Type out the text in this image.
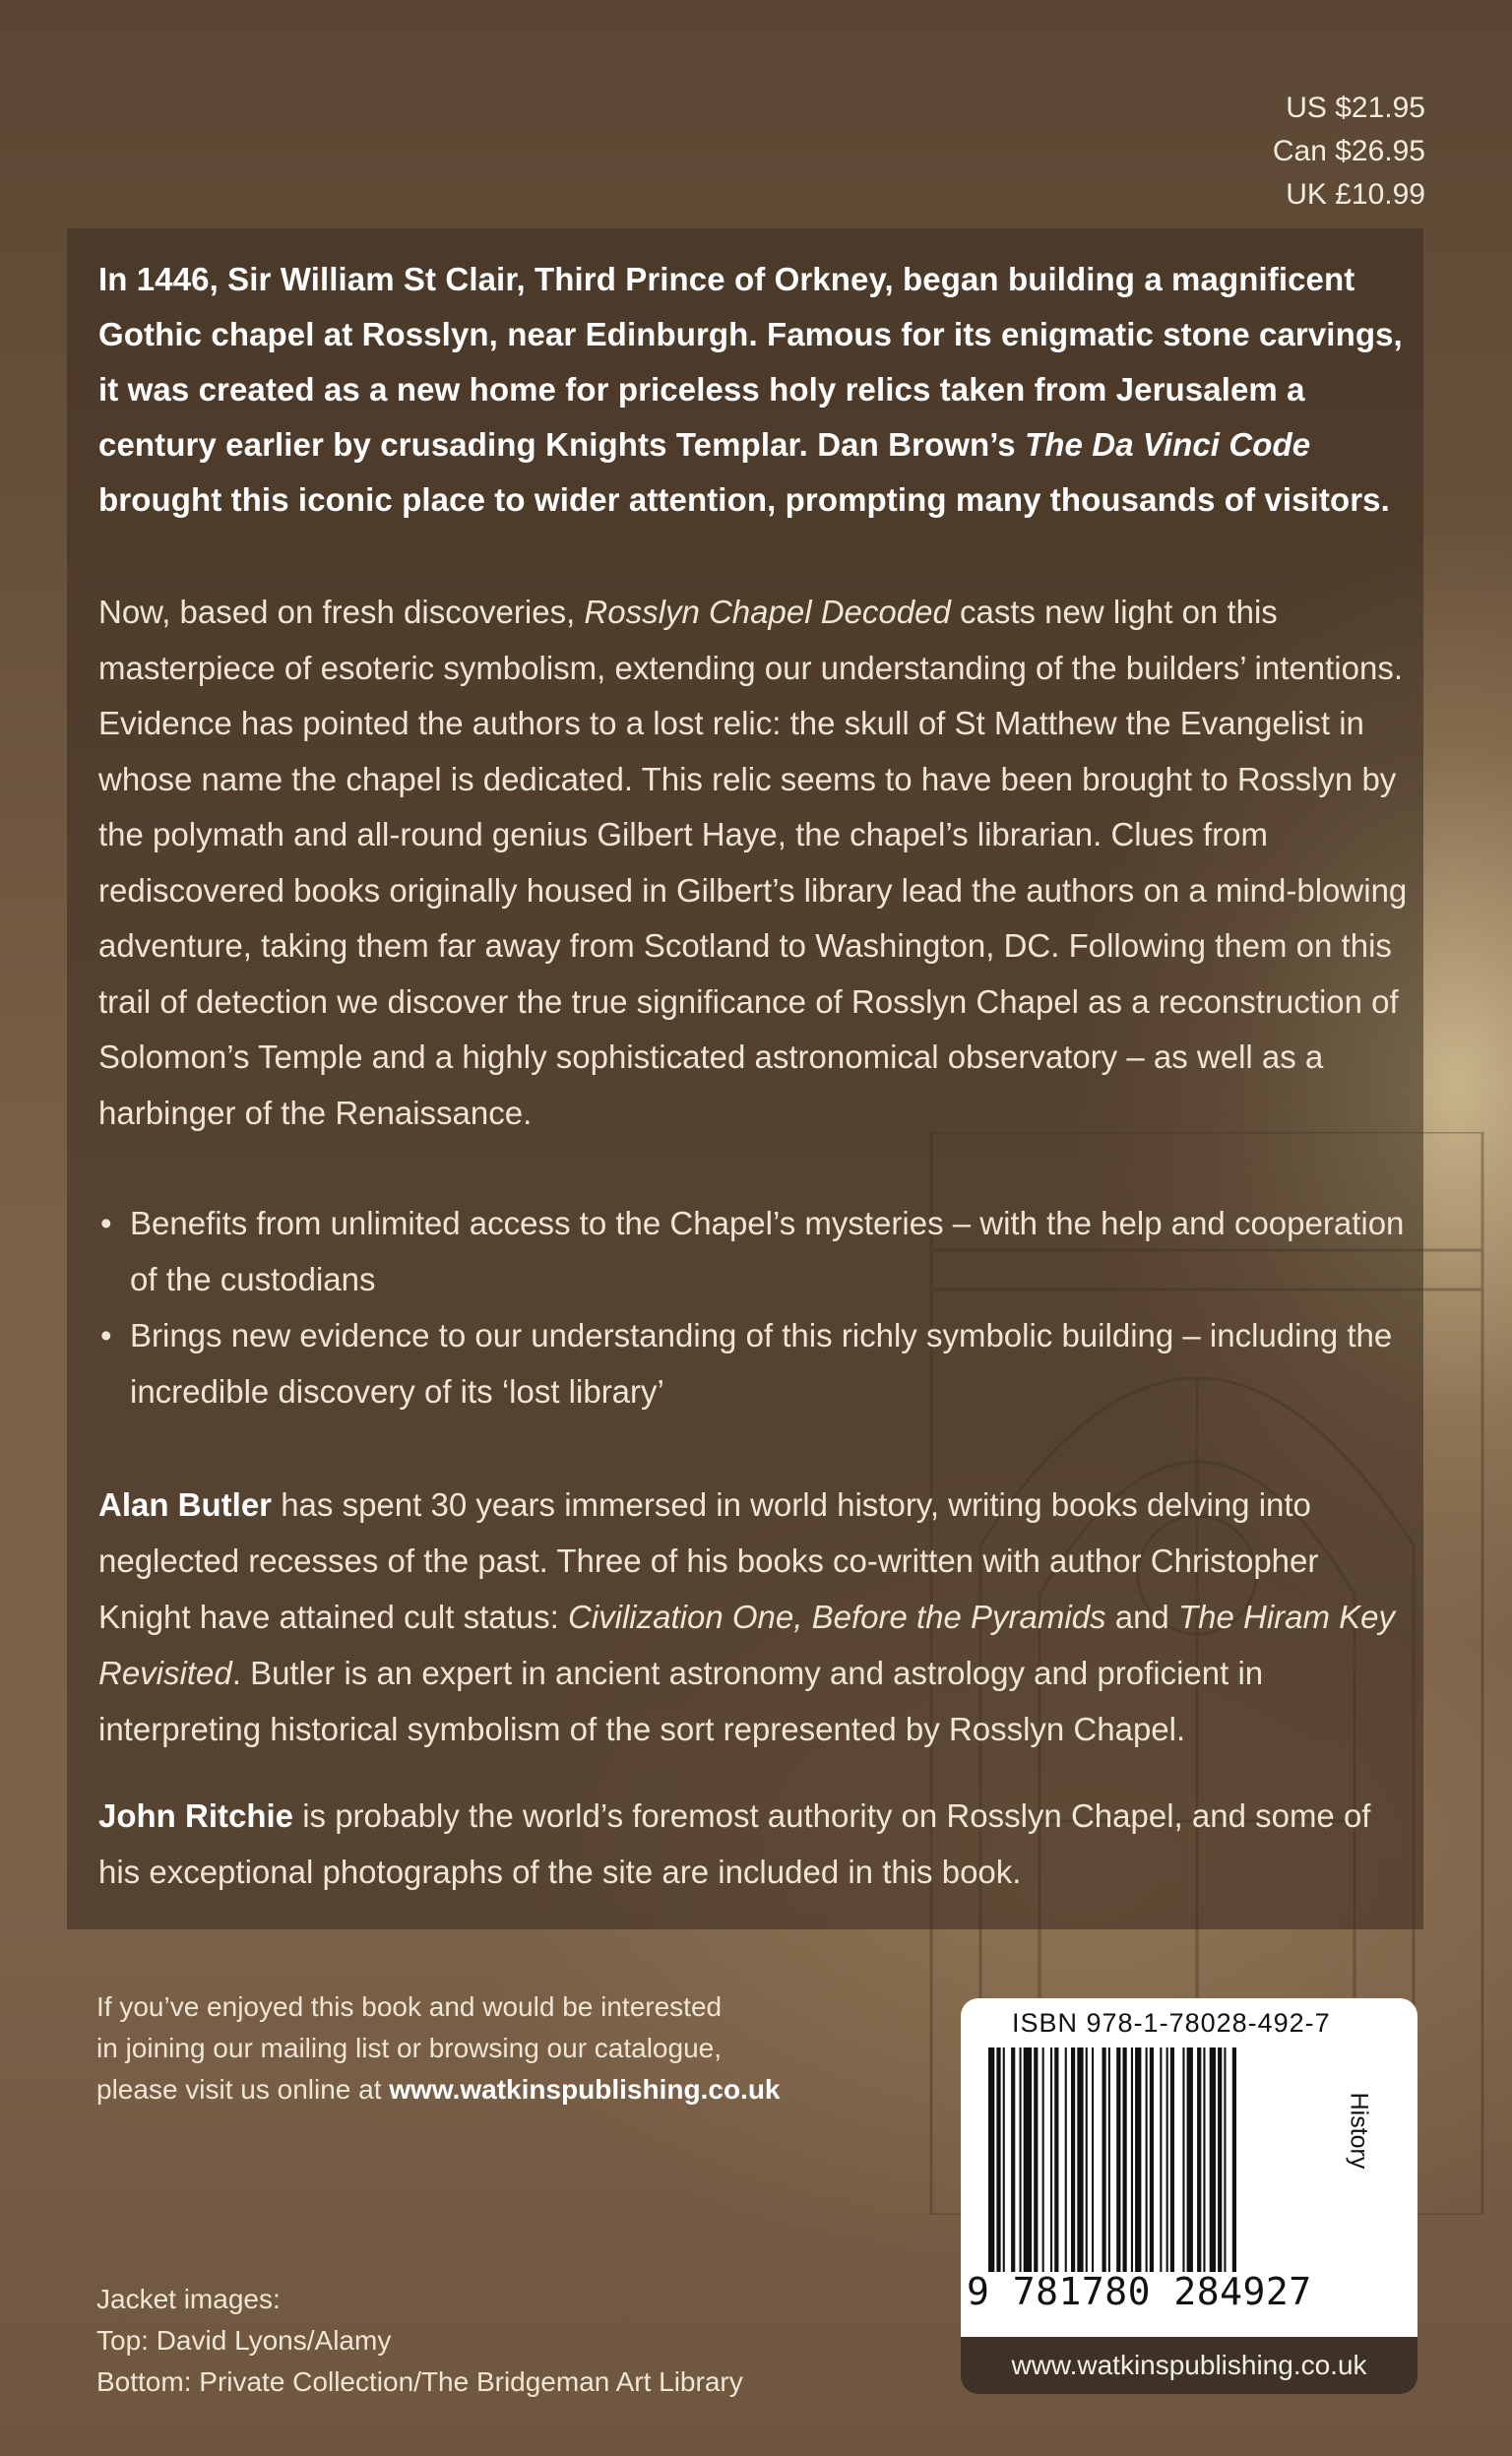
US $21.95
Can $26.95
UK £10.99
In 1446, Sir William St Clair, Third Prince of Orkney, began building a magnificent Gothic chapel at Rosslyn, near Edinburgh. Famous for its enigmatic stone carvings, it was created as a new home for priceless holy relics taken from Jerusalem a century earlier by crusading Knights Templar. Dan Brown’s The Da Vinci Code brought this iconic place to wider attention, prompting many thousands of visitors.
Now, based on fresh discoveries, Rosslyn Chapel Decoded casts new light on this masterpiece of esoteric symbolism, extending our understanding of the builders’ intentions. Evidence has pointed the authors to a lost relic: the skull of St Matthew the Evangelist in whose name the chapel is dedicated. This relic seems to have been brought to Rosslyn by the polymath and all-round genius Gilbert Haye, the chapel’s librarian. Clues from rediscovered books originally housed in Gilbert’s library lead the authors on a mind-blowing adventure, taking them far away from Scotland to Washington, DC. Following them on this trail of detection we discover the true significance of Rosslyn Chapel as a reconstruction of Solomon’s Temple and a highly sophisticated astronomical observatory – as well as a harbinger of the Renaissance.
• Benefits from unlimited access to the Chapel’s mysteries – with the help and cooperation of the custodians
• Brings new evidence to our understanding of this richly symbolic building – including the incredible discovery of its ‘lost library’
Alan Butler has spent 30 years immersed in world history, writing books delving into neglected recesses of the past. Three of his books co-written with author Christopher Knight have attained cult status: Civilization One, Before the Pyramids and The Hiram Key Revisited. Butler is an expert in ancient astronomy and astrology and proficient in interpreting historical symbolism of the sort represented by Rosslyn Chapel.
John Ritchie is probably the world’s foremost authority on Rosslyn Chapel, and some of his exceptional photographs of the site are included in this book.
If you’ve enjoyed this book and would be interested
in joining our mailing list or browsing our catalogue,
please visit us online at www.watkinspublishing.co.uk
Jacket images:
Top: David Lyons/Alamy
Bottom: Private Collection/The Bridgeman Art Library
ISBN 978-1-78028-492-7
9 781780 284927
History
www.watkinspublishing.co.uk
